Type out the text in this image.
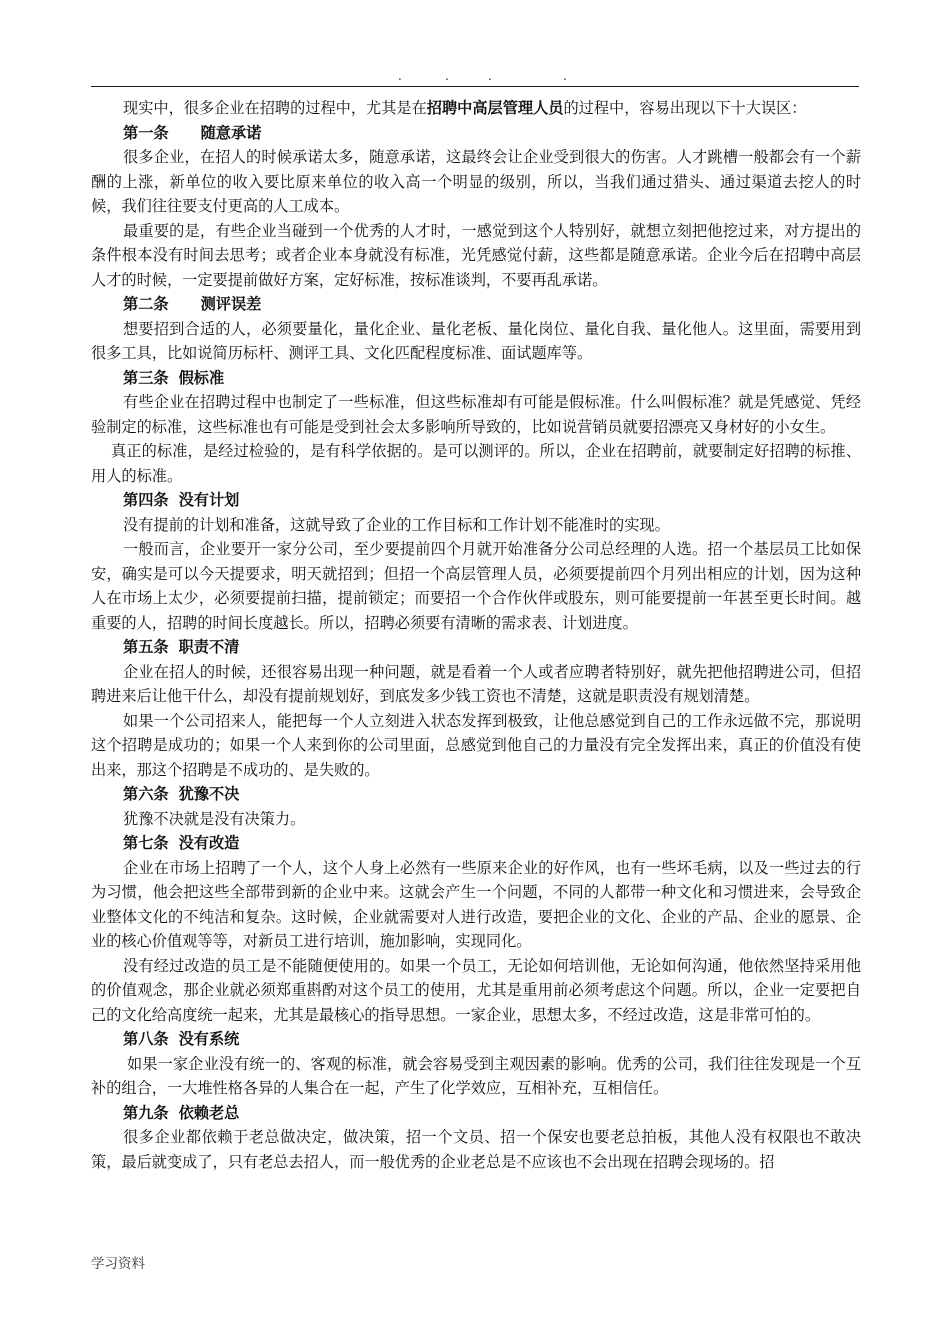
.	.	.	.

现实中，很多企业在招聘的过程中，尤其是在招聘中高层管理人员的过程中，容易出现以下十大误区：

第一条 随意承诺

很多企业，在招人的时候承诺太多，随意承诺，这最终会让企业受到很大的伤害。人才跳槽一般都会有一个薪酬的上涨，新单位的收入要比原来单位的收入高一个明显的级别，所以，当我们通过猎头、通过渠道去挖人的时候，我们往往要支付更高的人工成本。

最重要的是，有些企业当碰到一个优秀的人才时，一感觉到这个人特别好，就想立刻把他挖过来，对方提出的条件根本没有时间去思考；或者企业本身就没有标准，光凭感觉付薪，这些都是随意承诺。企业今后在招聘中高层人才的时候，一定要提前做好方案，定好标准，按标准谈判，不要再乱承诺。

第二条 测评误差

想要招到合适的人，必须要量化，量化企业、量化老板、量化岗位、量化自我、量化他人。这里面，需要用到很多工具，比如说简历标杆、测评工具、文化匹配程度标准、面试题库等。

第三条 假标准

有些企业在招聘过程中也制定了一些标准，但这些标准却有可能是假标准。什么叫假标准？就是凭感觉、凭经验制定的标准，这些标准也有可能是受到社会太多影响所导致的，比如说营销员就要招漂亮又身材好的小女生。

真正的标准，是经过检验的，是有科学依据的。是可以测评的。所以，企业在招聘前，就要制定好招聘的标推、用人的标准。

第四条 没有计划

没有提前的计划和准备，这就导致了企业的工作目标和工作计划不能准时的实现。

一般而言，企业要开一家分公司，至少要提前四个月就开始准备分公司总经理的人选。招一个基层员工比如保安，确实是可以今天提要求，明天就招到；但招一个高层管理人员，必须要提前四个月列出相应的计划，因为这种人在市场上太少，必须要提前扫描，提前锁定；而要招一个合作伙伴或股东，则可能要提前一年甚至更长时间。越重要的人，招聘的时间长度越长。所以，招聘必须要有清晰的需求表、计划进度。

第五条 职责不清

企业在招人的时候，还很容易出现一种问题，就是看着一个人或者应聘者特别好，就先把他招聘进公司，但招聘进来后让他干什么，却没有提前规划好，到底发多少钱工资也不清楚，这就是职责没有规划清楚。

如果一个公司招来人，能把每一个人立刻进入状态发挥到极致，让他总感觉到自己的工作永远做不完，那说明这个招聘是成功的；如果一个人来到你的公司里面，总感觉到他自己的力量没有完全发挥出来，真正的价值没有使出来，那这个招聘是不成功的、是失败的。

第六条 犹豫不决

犹豫不决就是没有决策力。

第七条 没有改造

企业在市场上招聘了一个人，这个人身上必然有一些原来企业的好作风，也有一些坏毛病，以及一些过去的行为习惯，他会把这些全部带到新的企业中来。这就会产生一个问题，不同的人都带一种文化和习惯进来，会导致企业整体文化的不纯洁和复杂。这时候，企业就需要对人进行改造，要把企业的文化、企业的产品、企业的愿景、企业的核心价值观等等，对新员工进行培训，施加影响，实现同化。

没有经过改造的员工是不能随便使用的。如果一个员工，无论如何培训他，无论如何沟通，他依然坚持采用他的价值观念，那企业就必须郑重斟酌对这个员工的使用，尤其是重用前必须考虑这个问题。所以，企业一定要把自己的文化给高度统一起来，尤其是最核心的指导思想。一家企业，思想太多，不经过改造，这是非常可怕的。

第八条 没有系统

如果一家企业没有统一的、客观的标准，就会容易受到主观因素的影响。优秀的公司，我们往往发现是一个互补的组合，一大堆性格各异的人集合在一起，产生了化学效应，互相补充，互相信任。

第九条 依赖老总

很多企业都依赖于老总做决定，做决策，招一个文员、招一个保安也要老总拍板，其他人没有权限也不敢决策，最后就变成了，只有老总去招人，而一般优秀的企业老总是不应该也不会出现在招聘会现场的。招

学习资料
